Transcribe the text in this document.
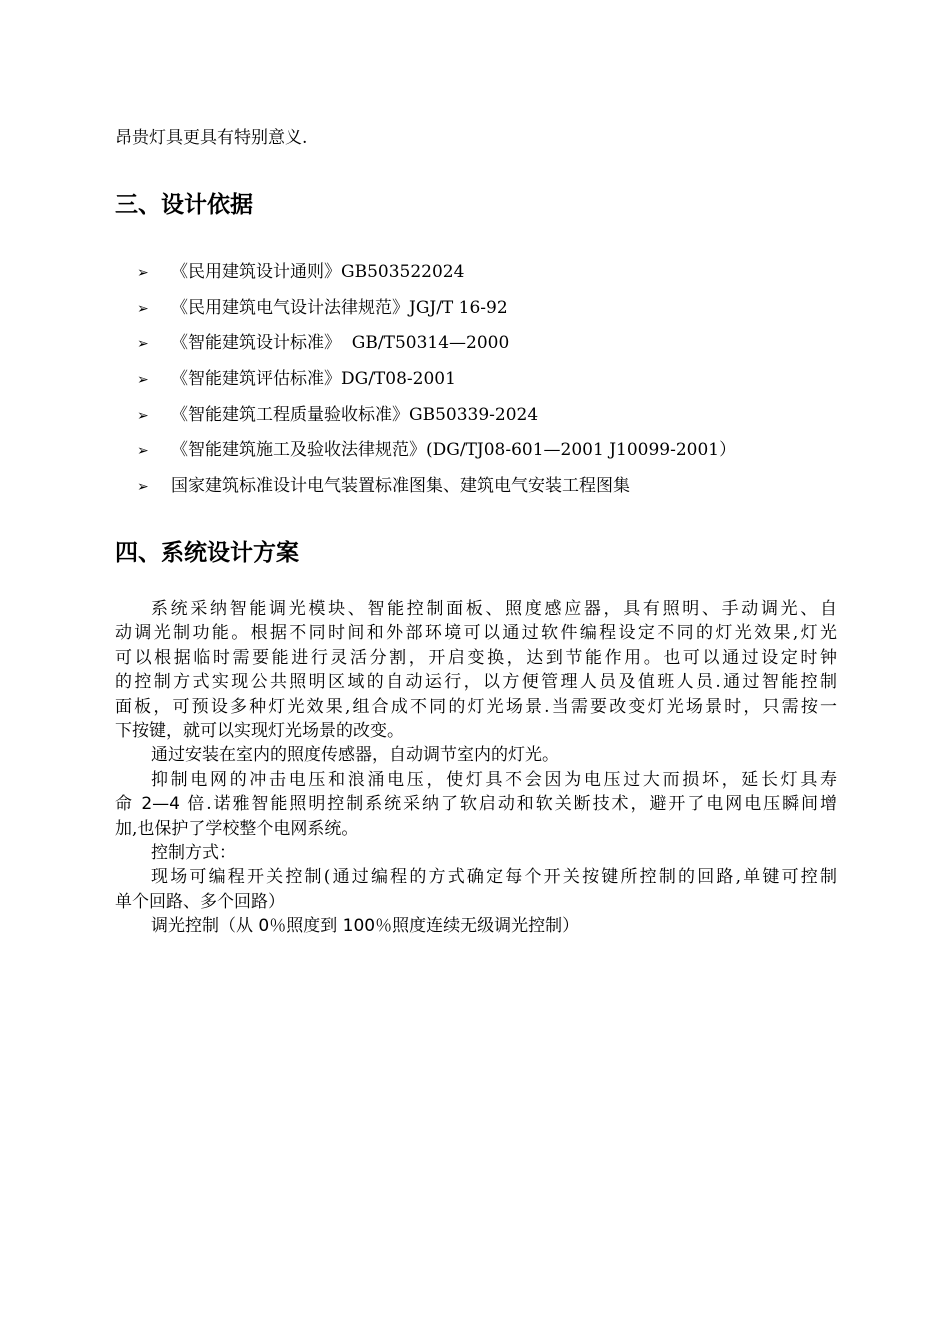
昂贵灯具更具有特别意义.
三、设计依据
➢ 《民用建筑设计通则》GB503522024
➢ 《民用建筑电气设计法律规范》JGJ/T 16-92
➢ 《智能建筑设计标准》  GB/T50314—2000
➢ 《智能建筑评估标准》DG/T08-2001
➢ 《智能建筑工程质量验收标准》GB50339-2024
➢ 《智能建筑施工及验收法律规范》(DG/TJ08-601—2001 J10099-2001）
➢ 国家建筑标准设计电气装置标准图集、建筑电气安装工程图集
四、系统设计方案
系统采纳智能调光模块、智能控制面板、照度感应器，具有照明、手动调光、自
动调光制功能。根据不同时间和外部环境可以通过软件编程设定不同的灯光效果,灯光
可以根据临时需要能进行灵活分割，开启变换，达到节能作用。也可以通过设定时钟
的控制方式实现公共照明区域的自动运行，以方便管理人员及值班人员.通过智能控制
面板，可预设多种灯光效果,组合成不同的灯光场景.当需要改变灯光场景时，只需按一
下按键，就可以实现灯光场景的改变。

通过安装在室内的照度传感器，自动调节室内的灯光。

抑制电网的冲击电压和浪涌电压，使灯具不会因为电压过大而损坏，延长灯具寿
命 2—4 倍.诺雅智能照明控制系统采纳了软启动和软关断技术，避开了电网电压瞬间增
加,也保护了学校整个电网系统。

控制方式：

现场可编程开关控制(通过编程的方式确定每个开关按键所控制的回路,单键可控制
单个回路、多个回路）

调光控制（从 0％照度到 100％照度连续无级调光控制）
